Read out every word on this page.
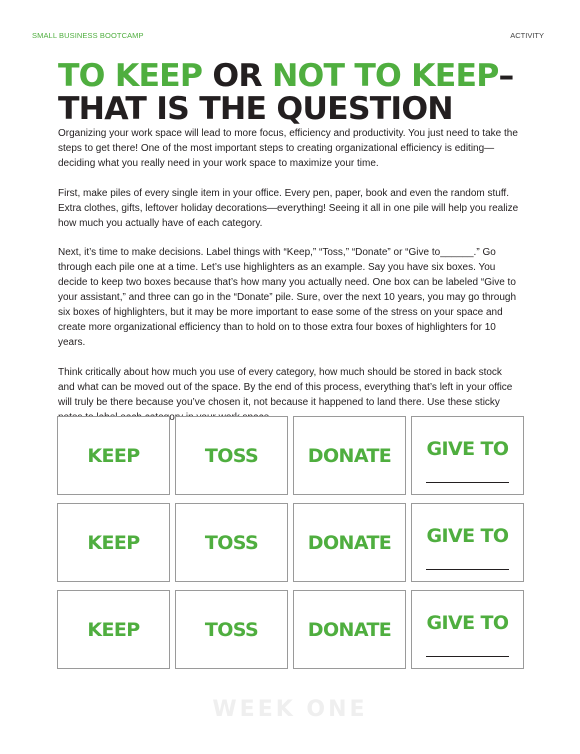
SMALL BUSINESS BOOTCAMP	ACTIVITY
TO KEEP OR NOT TO KEEP–
THAT IS THE QUESTION

Organizing your work space will lead to more focus, efficiency and productivity. You just need to take the steps to get there! One of the most important steps to creating organizational efficiency is editing—deciding what you really need in your work space to maximize your time.

First, make piles of every single item in your office. Every pen, paper, book and even the random stuff. Extra clothes, gifts, leftover holiday decorations—everything! Seeing it all in one pile will help you realize how much you actually have of each category.

Next, it’s time to make decisions. Label things with “Keep,” “Toss,” “Donate” or “Give to______.” Go through each pile one at a time. Let’s use highlighters as an example. Say you have six boxes. You decide to keep two boxes because that’s how many you actually need. One box can be labeled “Give to your assistant,” and three can go in the “Donate” pile. Sure, over the next 10 years, you may go through six boxes of highlighters, but it may be more important to ease some of the stress on your space and create more organizational efficiency than to hold on to those extra four boxes of highlighters for 10 years.

Think critically about how much you use of every category, how much should be stored in back stock and what can be moved out of the space. By the end of this process, everything that’s left in your office will truly be there because you’ve chosen it, not because it happened to land there. Use these sticky

KEEP	TOSS	DONATE GIVE TO
KEEP	TOSS	DONATE GIVE TO
KEEP	TOSS	DONATE GIVE TO
WEEK ONE
